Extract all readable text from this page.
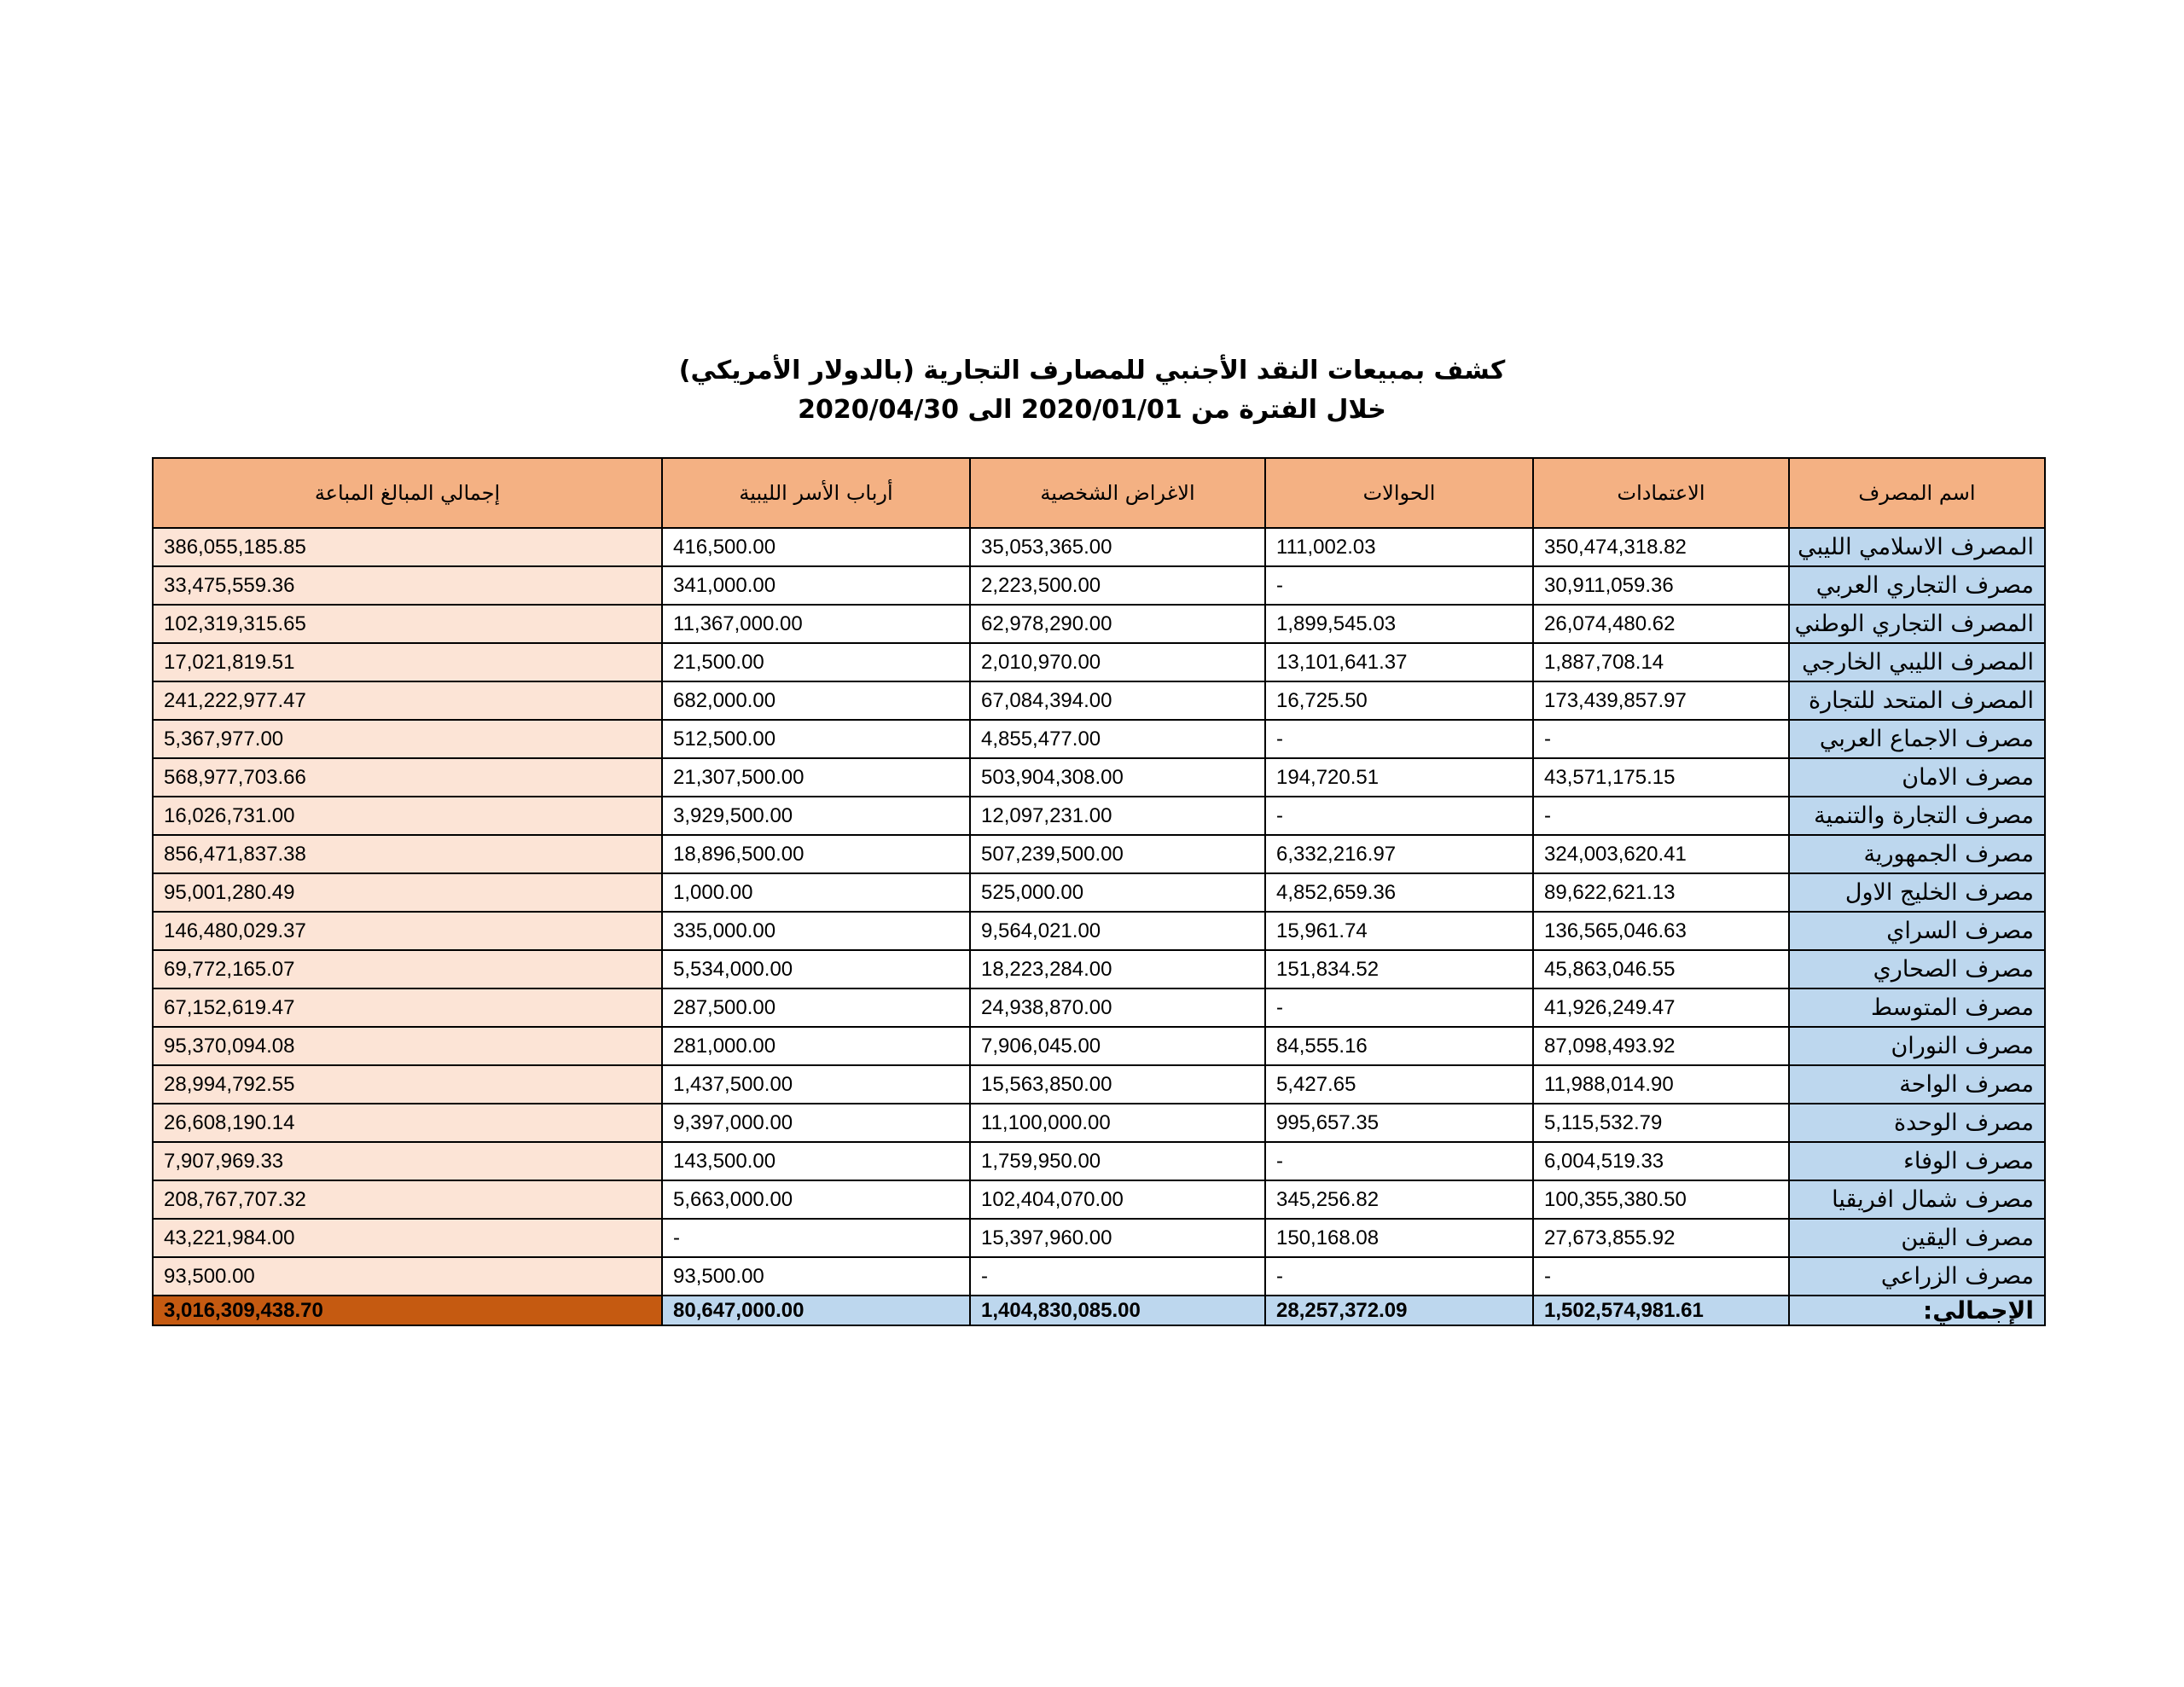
كشف بمبيعات النقد الأجنبي للمصارف التجارية (بالدولار الأمريكي)
خلال الفترة من 2020/01/01 الى 2020/04/30
اسم المصرف	الاعتمادات	الحوالات	الاغراض الشخصية	أرباب الأسر الليبية	إجمالي المبالغ المباعة
المصرف الاسلامي الليبي	350,474,318.82	111,002.03	35,053,365.00	416,500.00	386,055,185.85
مصرف التجاري العربي	30,911,059.36	-	2,223,500.00	341,000.00	33,475,559.36
المصرف التجاري الوطني	26,074,480.62	1,899,545.03	62,978,290.00	11,367,000.00	102,319,315.65
المصرف الليبي الخارجي	1,887,708.14	13,101,641.37	2,010,970.00	21,500.00	17,021,819.51
المصرف المتحد للتجارة	173,439,857.97	16,725.50	67,084,394.00	682,000.00	241,222,977.47
مصرف الاجماع العربي	-	-	4,855,477.00	512,500.00	5,367,977.00
مصرف الامان	43,571,175.15	194,720.51	503,904,308.00	21,307,500.00	568,977,703.66
مصرف التجارة والتنمية	-	-	12,097,231.00	3,929,500.00	16,026,731.00
مصرف الجمهورية	324,003,620.41	6,332,216.97	507,239,500.00	18,896,500.00	856,471,837.38
مصرف الخليج الاول	89,622,621.13	4,852,659.36	525,000.00	1,000.00	95,001,280.49
مصرف السراي	136,565,046.63	15,961.74	9,564,021.00	335,000.00	146,480,029.37
مصرف الصحاري	45,863,046.55	151,834.52	18,223,284.00	5,534,000.00	69,772,165.07
مصرف المتوسط	41,926,249.47	-	24,938,870.00	287,500.00	67,152,619.47
مصرف النوران	87,098,493.92	84,555.16	7,906,045.00	281,000.00	95,370,094.08
مصرف الواحة	11,988,014.90	5,427.65	15,563,850.00	1,437,500.00	28,994,792.55
مصرف الوحدة	5,115,532.79	995,657.35	11,100,000.00	9,397,000.00	26,608,190.14
مصرف الوفاء	6,004,519.33	-	1,759,950.00	143,500.00	7,907,969.33
مصرف شمال افريقيا	100,355,380.50	345,256.82	102,404,070.00	5,663,000.00	208,767,707.32
مصرف اليقين	27,673,855.92	150,168.08	15,397,960.00	-	43,221,984.00
مصرف الزراعي	-	-	-	93,500.00	93,500.00
الإجمالي:	1,502,574,981.61	28,257,372.09	1,404,830,085.00	80,647,000.00	3,016,309,438.70
